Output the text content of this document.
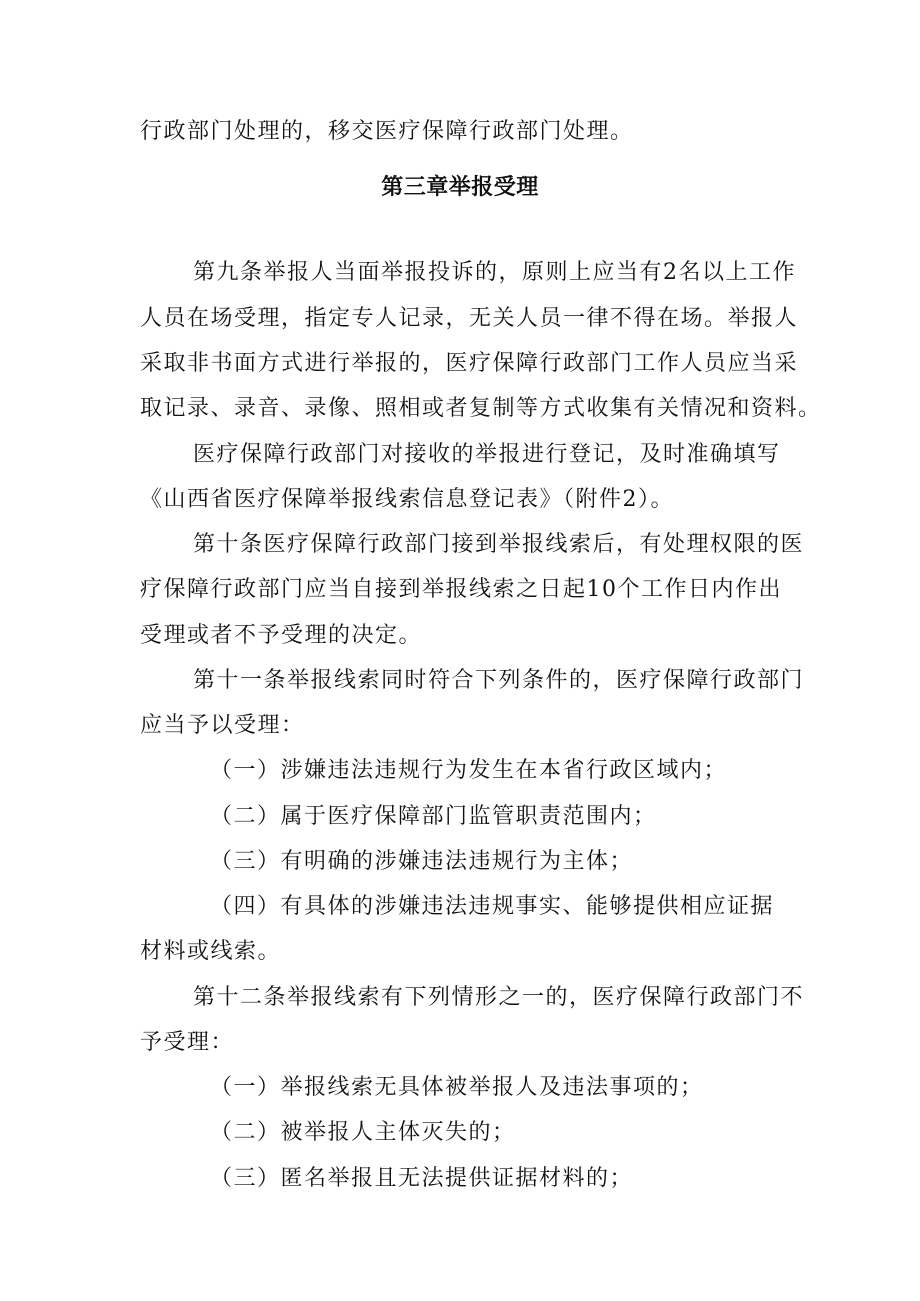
行政部门处理的，移交医疗保障行政部门处理。
第三章举报受理
第九条举报人当面举报投诉的，原则上应当有2名以上工作
人员在场受理，指定专人记录，无关人员一律不得在场。举报人
采取非书面方式进行举报的，医疗保障行政部门工作人员应当采
取记录、录音、录像、照相或者复制等方式收集有关情况和资料。
医疗保障行政部门对接收的举报进行登记，及时准确填写
《山西省医疗保障举报线索信息登记表》（附件2）。
第十条医疗保障行政部门接到举报线索后，有处理权限的医
疗保障行政部门应当自接到举报线索之日起10个工作日内作出
受理或者不予受理的决定。
第十一条举报线索同时符合下列条件的，医疗保障行政部门
应当予以受理：
（一）涉嫌违法违规行为发生在本省行政区域内；
（二）属于医疗保障部门监管职责范围内；
（三）有明确的涉嫌违法违规行为主体；
（四）有具体的涉嫌违法违规事实、能够提供相应证据
材料或线索。
第十二条举报线索有下列情形之一的，医疗保障行政部门不
予受理：
（一）举报线索无具体被举报人及违法事项的；
（二）被举报人主体灭失的；
（三）匿名举报且无法提供证据材料的；
